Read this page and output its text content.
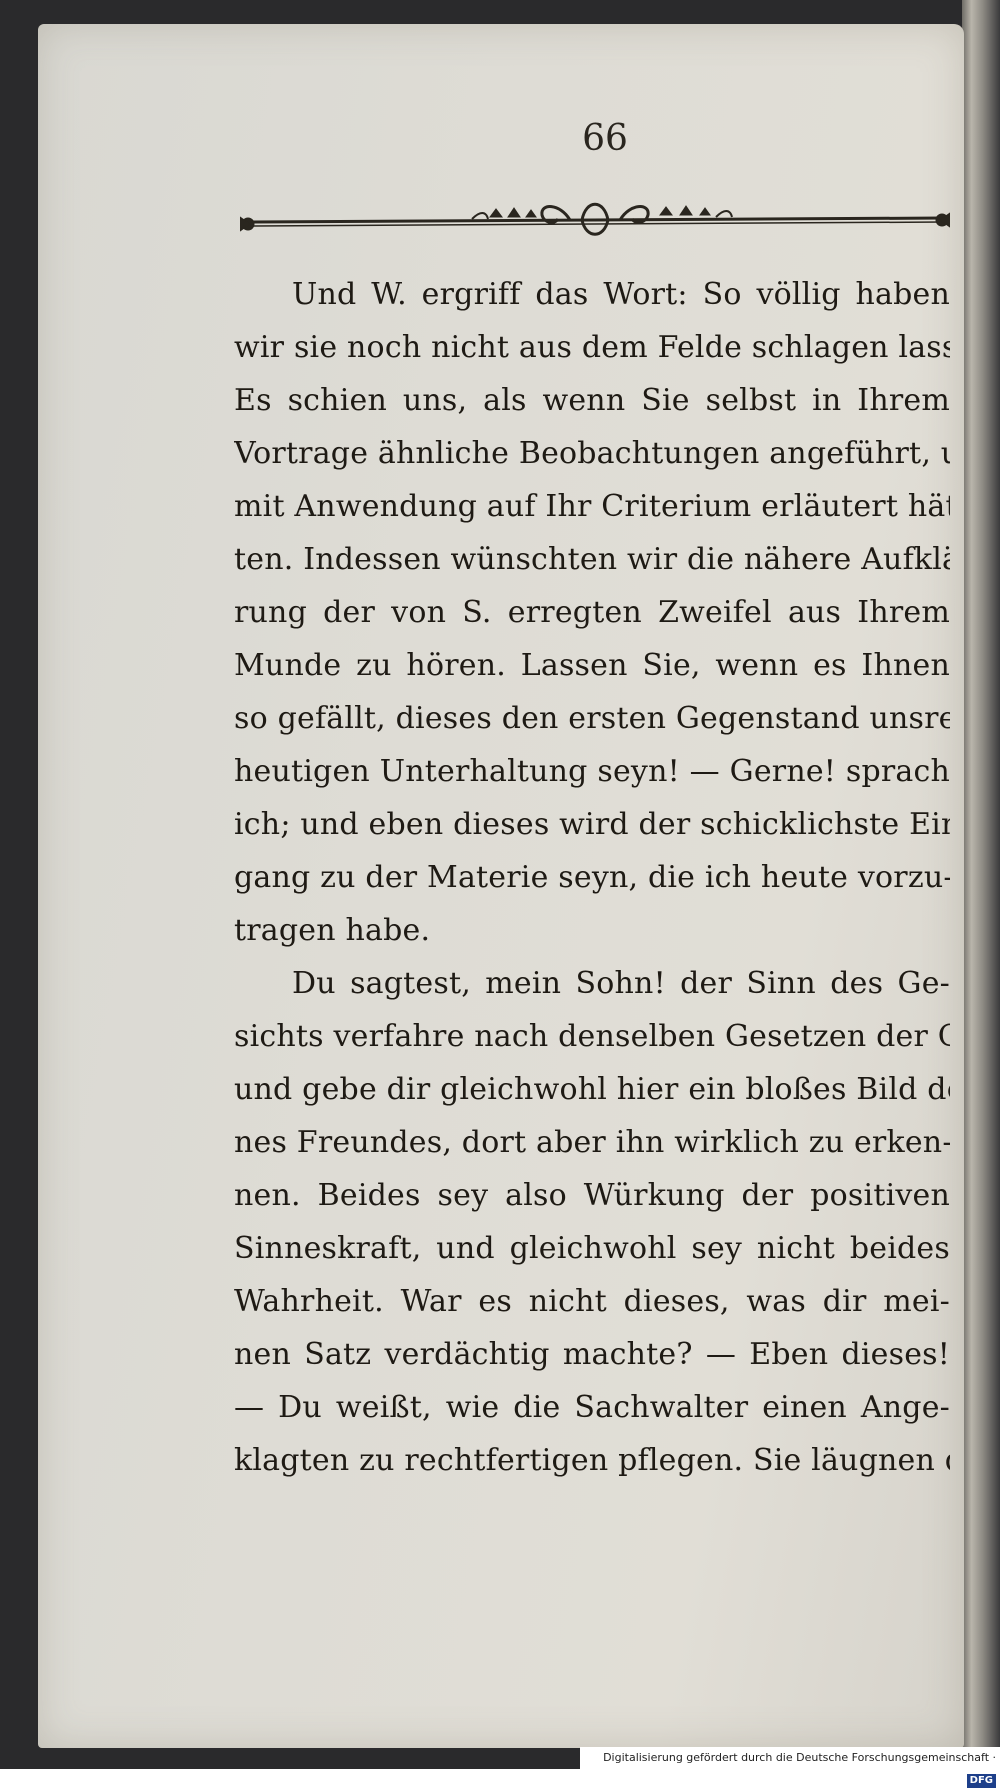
66
Und W. ergriff das Wort: So völlig haben
wir sie noch nicht aus dem Felde schlagen lassen.
Es schien uns, als wenn Sie selbst in Ihrem
Vortrage ähnliche Beobachtungen angeführt, und
mit Anwendung auf Ihr Criterium erläutert hät-
ten. Indessen wünschten wir die nähere Aufklä-
rung der von S. erregten Zweifel aus Ihrem
Munde zu hören. Lassen Sie, wenn es Ihnen
so gefällt, dieses den ersten Gegenstand unsrer
heutigen Unterhaltung seyn! — Gerne! sprach
ich; und eben dieses wird der schicklichste Ein-
gang zu der Materie seyn, die ich heute vorzu-
tragen habe.
Du sagtest, mein Sohn! der Sinn des Ge-
sichts verfahre nach denselben Gesetzen der
und gebe dir gleichwohl hier ein bloßes Bild dei-
nes Freundes, dort aber ihn wirklich zu erken-
nen. Beides sey also Würkung der positiven
Sinneskraft, und gleichwohl sey nicht beides
Wahrheit. War es nicht dieses, was dir mei-
nen Satz verdächtig machte? — Eben dieses!
— Du weißt, wie die Sachwalter einen Ange-
klagten zu rechtfertigen pflegen. Sie läugnen die
Digitalisierung gefördert durch die Deutsche Forschungsgemeinschaft ·
